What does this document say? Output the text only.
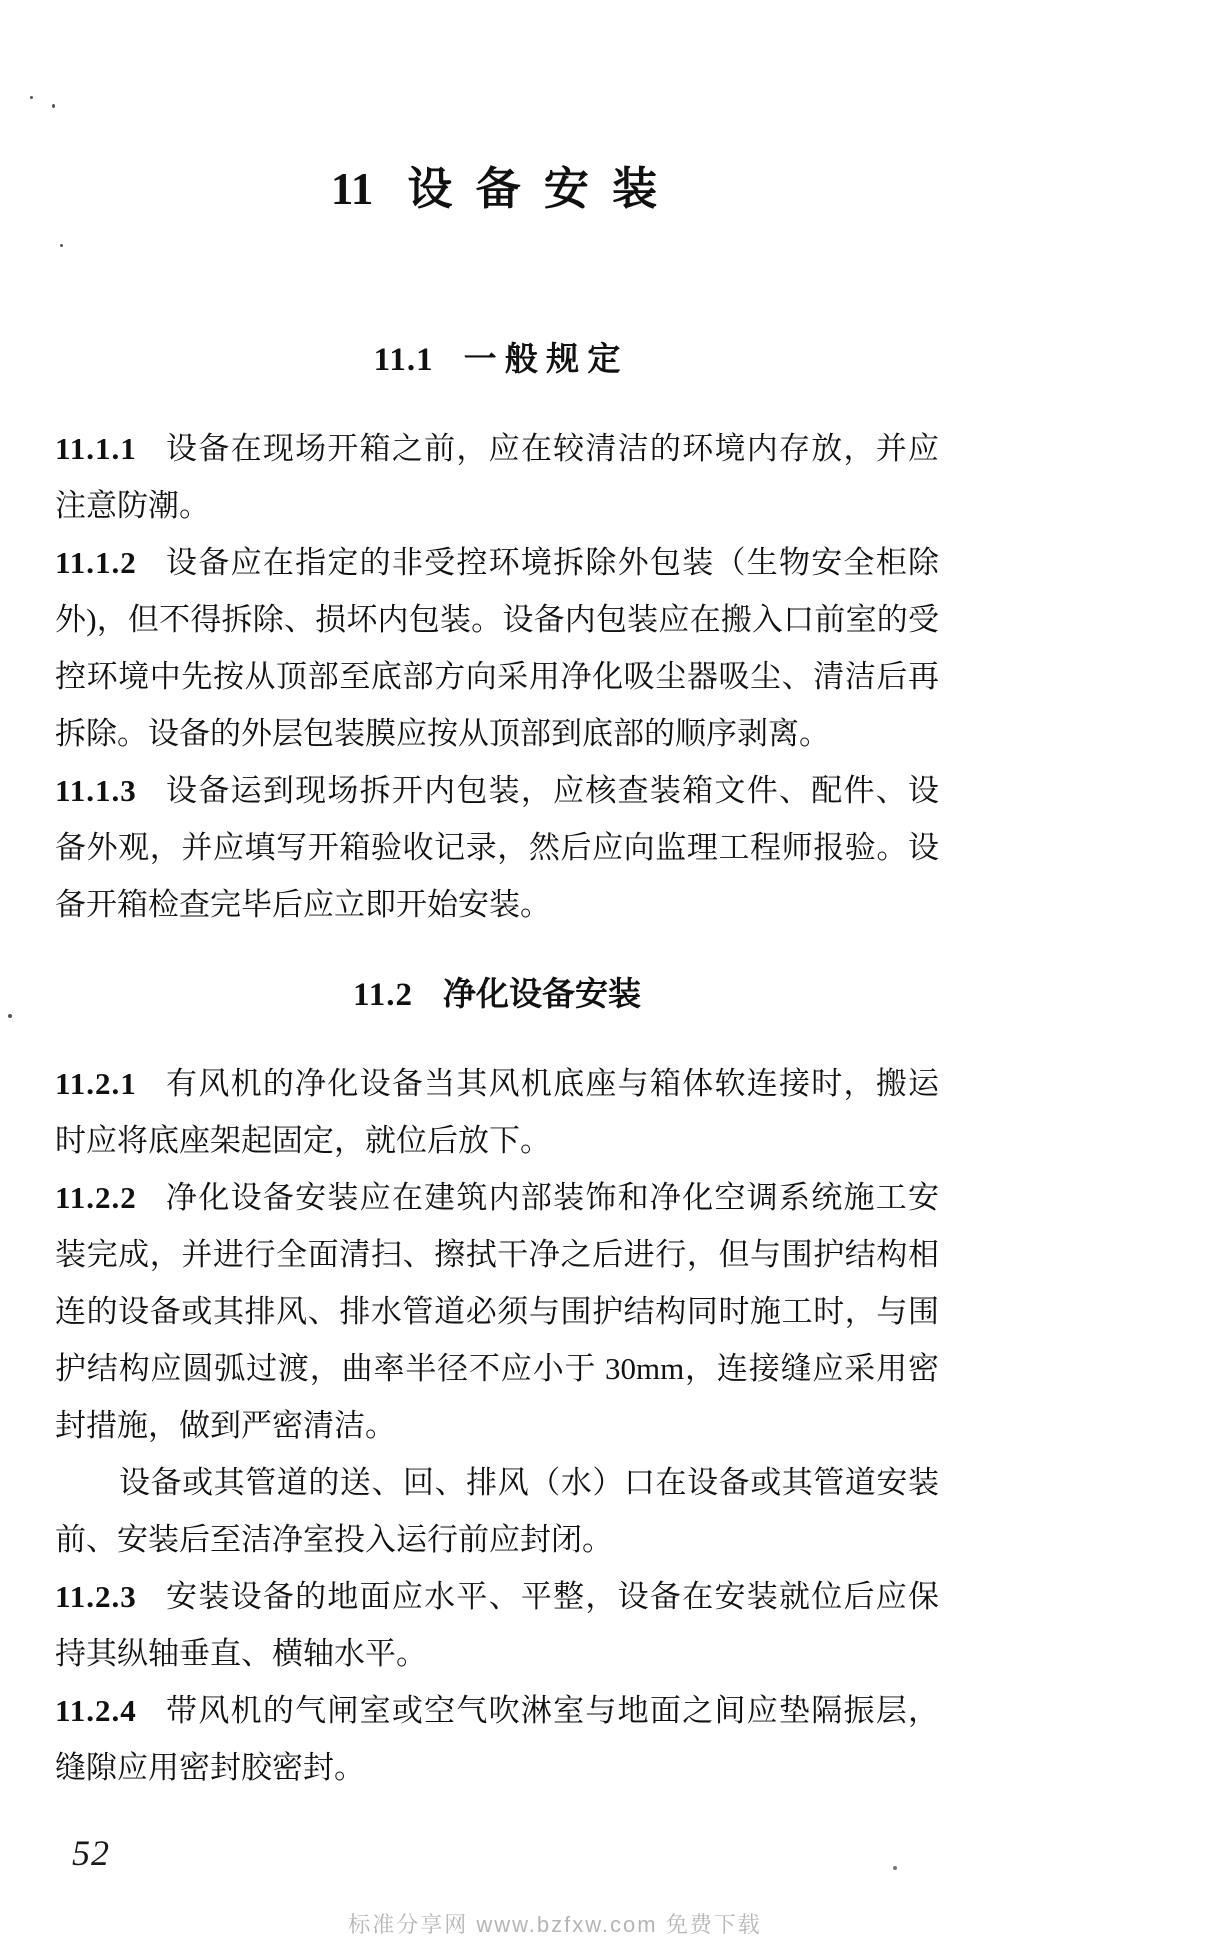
11 设 备 安 装
11.1 一 般 规 定

11.1.1 设备在现场开箱之前，应在较清洁的环境内存放，并应注意防潮。

11.1.2 设备应在指定的非受控环境拆除外包装（生物安全柜除外)，但不得拆除、损坏内包装。设备内包装应在搬入口前室的受控环境中先按从顶部至底部方向采用净化吸尘器吸尘、清洁后再拆除。设备的外层包装膜应按从顶部到底部的顺序剥离。

11.1.3 设备运到现场拆开内包装，应核查装箱文件、配件、设备外观，并应填写开箱验收记录，然后应向监理工程师报验。设备开箱检查完毕后应立即开始安装。

11.2 净化设备安装

11.2.1 有风机的净化设备当其风机底座与箱体软连接时，搬运时应将底座架起固定，就位后放下。

11.2.2 净化设备安装应在建筑内部装饰和净化空调系统施工安装完成，并进行全面清扫、擦拭干净之后进行，但与围护结构相连的设备或其排风、排水管道必须与围护结构同时施工时，与围护结构应圆弧过渡，曲率半径不应小于 30mm，连接缝应采用密封措施，做到严密清洁。

设备或其管道的送、回、排风（水）口在设备或其管道安装前、安装后至洁净室投入运行前应封闭。

11.2.3 安装设备的地面应水平、平整，设备在安装就位后应保持其纵轴垂直、横轴水平。

11.2.4 带风机的气闸室或空气吹淋室与地面之间应垫隔振层，缝隙应用密封胶密封。

52
标准分享网 www.bzfxw.com 免费下载
